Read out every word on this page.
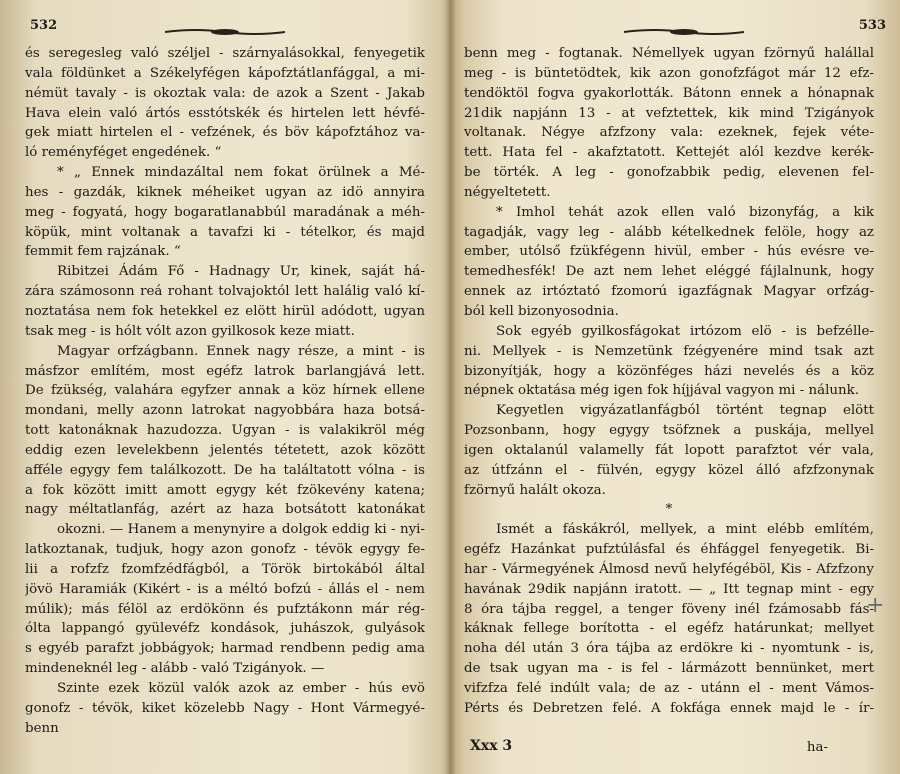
532
és seregesleg való széljel - szárnyalásokkal, fenyegetik
vala földünket a Székelyfégen kápofztátlanfággal, a mi-
némüt tavaly - is okoztak vala: de azok a Szent - Jakab
Hava elein való ártós esstótskék és hirtelen lett hévfé-
gek miatt hirtelen el - vefzének, és böv kápofztához va-
ló reményféget engedének. “
* „ Ennek mindazáltal nem fokat örülnek a Mé-
hes - gazdák, kiknek méheiket ugyan az idö annyira
meg - fogyatá, hogy bogaratlanabbúl maradának a méh-
köpük, mint voltanak a tavafzi ki - tételkor, és majd
femmit fem rajzának. “
Ribitzei Ádám Fő - Hadnagy Ur, kinek, saját há-
zára számosonn reá rohant tolvajoktól lett halálig való kí-
noztatása nem fok hetekkel ez elött hirül adódott, ugyan
tsak meg - is hólt vólt azon gyilkosok keze miatt.
Magyar orfzágbann. Ennek nagy része, a mint - is
másfzor említém, most egéfz latrok barlangjává lett.
De fzükség, valahára egyfzer annak a köz hírnek ellene
mondani, melly azonn latrokat nagyobbára haza botsá-
tott katonáknak hazudozza. Ugyan - is valakikröl még
eddig ezen levelekbenn jelentés tétetett, azok között
afféle egygy fem találkozott. De ha találtatott vólna - is
a fok között imitt amott egygy két fzökevény katena;
nagy méltatlanfág, azért az haza botsátott katonákat
okozni. — Hanem a menynyire a dolgok eddig ki - nyi-
latkoztanak, tudjuk, hogy azon gonofz - tévök egygy fe-
lii a rofzfz fzomfzédfágból, a Török birtokából által
jövö Haramiák (Kikért - is a méltó bofzú - állás el - nem
múlik); más félöl az erdökönn és pufztákonn már rég-
ólta lappangó gyülevéfz kondások, juhászok, gulyások
s egyéb parafzt jobbágyok; harmad rendbenn pedig ama
mindeneknél leg - alább - való Tzigányok. —
Szinte ezek közül valók azok az ember - hús evö
gonofz - tévök, kiket közelebb Nagy - Hont Vármegyé-
benn
533
benn meg - fogtanak. Némellyek ugyan fzörnyű halállal
meg - is büntetödtek, kik azon gonofzfágot már 12 efz-
tendöktöl fogva gyakorlották. Bátonn ennek a hónapnak
21dik napjánn 13 - at vefztettek, kik mind Tzigányok
voltanak. Négye afzfzony vala: ezeknek, fejek véte-
tett. Hata fel - akafztatott. Kettejét alól kezdve kerék-
be törték. A leg - gonofzabbik pedig, elevenen fel-
négyeltetett.
* Imhol tehát azok ellen való bizonyfág, a kik
tagadják, vagy leg - alább kételkednek felöle, hogy az
ember, utólső fzükfégenn hivül, ember - hús evésre ve-
temedhesfék! De azt nem lehet eléggé fájlalnunk, hogy
ennek az irtóztató fzomorú igazfágnak Magyar orfzág-
ból kell bizonyosodnia.
Sok egyéb gyilkosfágokat irtózom elö - is befzélle-
ni. Mellyek - is Nemzetünk fzégyenére mind tsak azt
bizonyítják, hogy a közönféges házi nevelés és a köz
népnek oktatása még igen fok híjjával vagyon mi - nálunk.
Kegyetlen vigyázatlanfágból történt tegnap elött
Pozsonbann, hogy egygy tsöfznek a puskája, mellyel
igen oktalanúl valamelly fát lopott parafztot vér vala,
az útfzánn el - fülvén, egygy közel álló afzfzonynak
fzörnyű halált okoza.
*
Ismét a fáskákról, mellyek, a mint elébb említém,
egéfz Hazánkat pufztúlásfal és éhfággel fenyegetik. Bi-
har - Vármegyének Álmosd nevű helyfégéböl, Kis - Afzfzony
havának 29dik napjánn iratott. — „ Itt tegnap mint - egy
8 óra tájba reggel, a tenger föveny inél fzámosabb fás-
káknak fellege borította - el egéfz határunkat; mellyet
noha dél után 3 óra tájba az erdökre ki - nyomtunk - is,
de tsak ugyan ma - is fel - lármázott bennünket, mert
vifzfza felé indúlt vala; de az - utánn el - ment Vámos-
Pérts és Debretzen felé. A fokfága ennek majd le - ír-
Xxx 3	ha-
+
